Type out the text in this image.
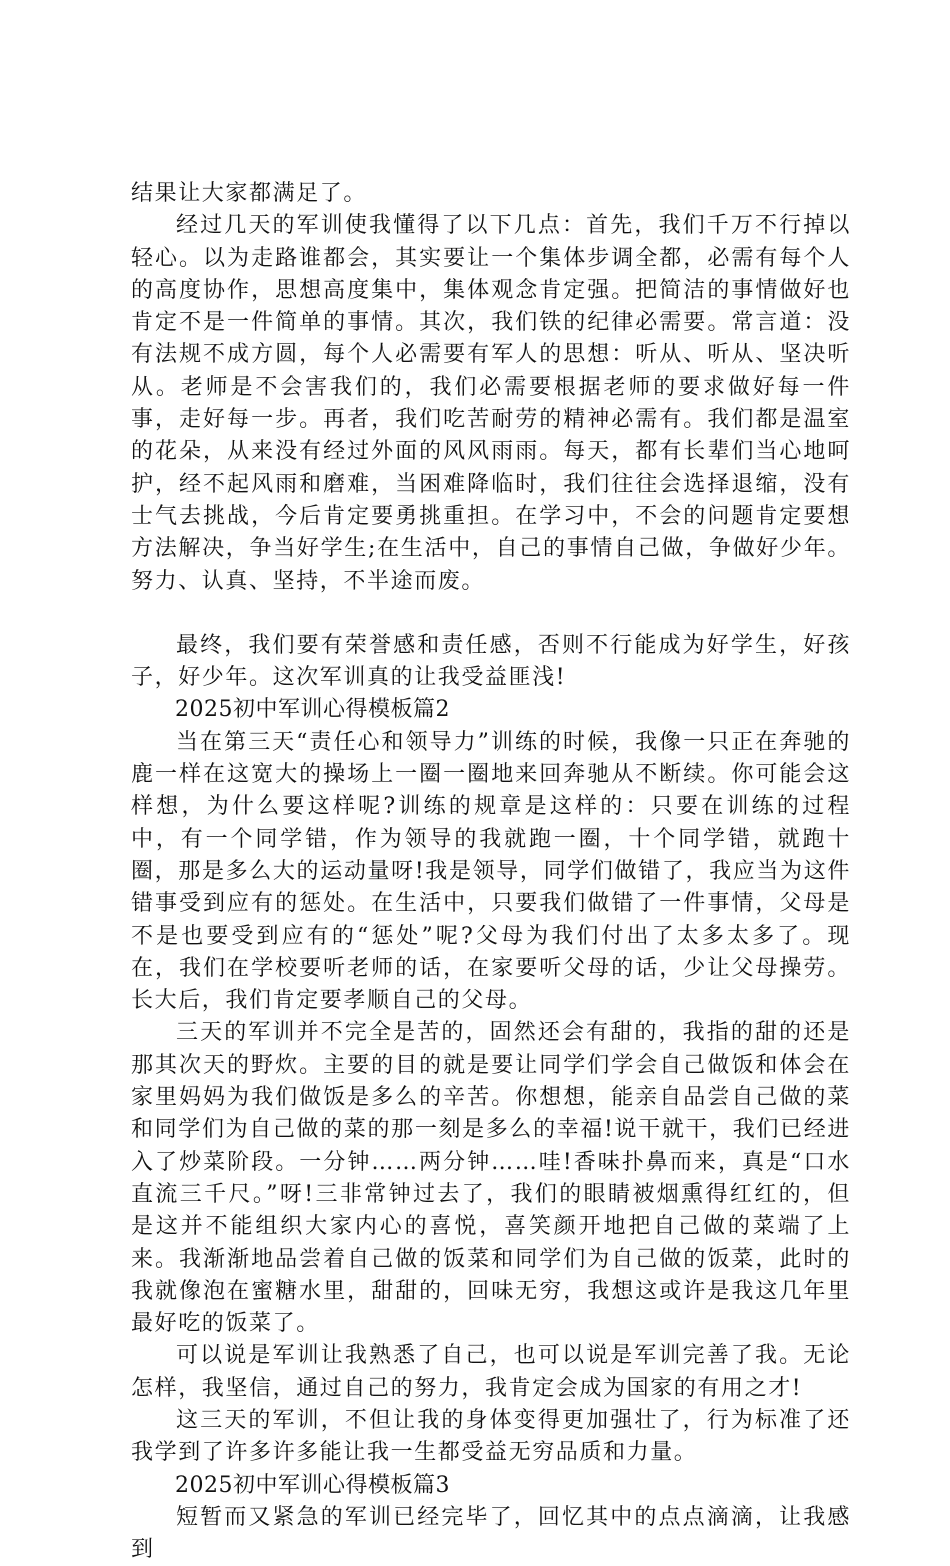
结果让大家都满足了。

经过几天的军训使我懂得了以下几点：首先，我们千万不行掉以轻心。以为走路谁都会，其实要让一个集体步调全都，必需有每个人的高度协作，思想高度集中，集体观念肯定强。把简洁的事情做好也肯定不是一件简单的事情。其次，我们铁的纪律必需要。常言道：没有法规不成方圆，每个人必需要有军人的思想：听从、听从、坚决听从。老师是不会害我们的，我们必需要根据老师的要求做好每一件事，走好每一步。再者，我们吃苦耐劳的精神必需有。我们都是温室的花朵，从来没有经过外面的风风雨雨。每天，都有长辈们当心地呵护，经不起风雨和磨难，当困难降临时，我们往往会选择退缩，没有士气去挑战，今后肯定要勇挑重担。在学习中，不会的问题肯定要想方法解决，争当好学生;在生活中，自己的事情自己做，争做好少年。努力、认真、坚持，不半途而废。

最终，我们要有荣誉感和责任感，否则不行能成为好学生，好孩子，好少年。这次军训真的让我受益匪浅!

2025初中军训心得模板篇2

当在第三天“责任心和领导力”训练的时候，我像一只正在奔驰的鹿一样在这宽大的操场上一圈一圈地来回奔驰从不断续。你可能会这样想，为什么要这样呢?训练的规章是这样的：只要在训练的过程中，有一个同学错，作为领导的我就跑一圈，十个同学错，就跑十圈，那是多么大的运动量呀!我是领导，同学们做错了，我应当为这件错事受到应有的惩处。在生活中，只要我们做错了一件事情，父母是不是也要受到应有的“惩处”呢?父母为我们付出了太多太多了。现在，我们在学校要听老师的话，在家要听父母的话，少让父母操劳。长大后，我们肯定要孝顺自己的父母。

三天的军训并不完全是苦的，固然还会有甜的，我指的甜的还是那其次天的野炊。主要的目的就是要让同学们学会自己做饭和体会在家里妈妈为我们做饭是多么的辛苦。你想想，能亲自品尝自己做的菜和同学们为自己做的菜的那一刻是多么的幸福!说干就干，我们已经进入了炒菜阶段。一分钟……两分钟……哇!香味扑鼻而来，真是“口水直流三千尺。”呀!三非常钟过去了，我们的眼睛被烟熏得红红的，但是这并不能组织大家内心的喜悦，喜笑颜开地把自己做的菜端了上来。我渐渐地品尝着自己做的饭菜和同学们为自己做的饭菜，此时的我就像泡在蜜糖水里，甜甜的，回味无穷，我想这或许是我这几年里最好吃的饭菜了。

可以说是军训让我熟悉了自己，也可以说是军训完善了我。无论怎样，我坚信，通过自己的努力，我肯定会成为国家的有用之才!

这三天的军训，不但让我的身体变得更加强壮了，行为标准了还我学到了许多许多能让我一生都受益无穷品质和力量。

2025初中军训心得模板篇3

短暂而又紧急的军训已经完毕了，回忆其中的点点滴滴，让我感到
